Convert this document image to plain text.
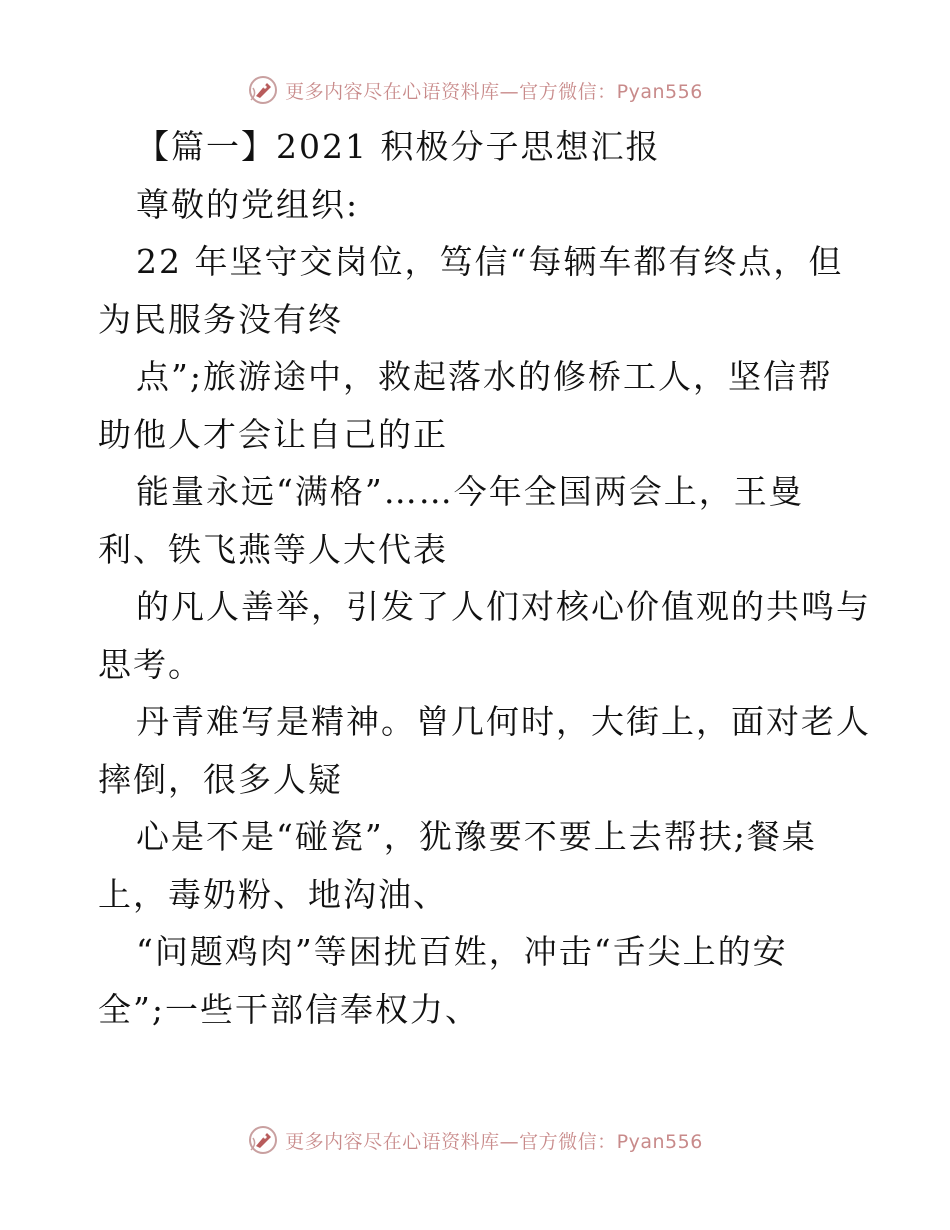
更多内容尽在心语资料库—官方微信：Pyan556
【篇一】2021 积极分子思想汇报
尊敬的党组织:
22 年坚守交岗位，笃信“每辆车都有终点，但
为民服务没有终
点”;旅游途中，救起落水的修桥工人，坚信帮
助他人才会让自己的正
能量永远“满格”……今年全国两会上，王曼
利、铁飞燕等人大代表
的凡人善举，引发了人们对核心价值观的共鸣与
思考。
丹青难写是精神。曾几何时，大街上，面对老人
摔倒，很多人疑
心是不是“碰瓷”，犹豫要不要上去帮扶;餐桌
上，毒奶粉、地沟油、
“问题鸡肉”等困扰百姓，冲击“舌尖上的安
全”;一些干部信奉权力、
更多内容尽在心语资料库—官方微信：Pyan556
